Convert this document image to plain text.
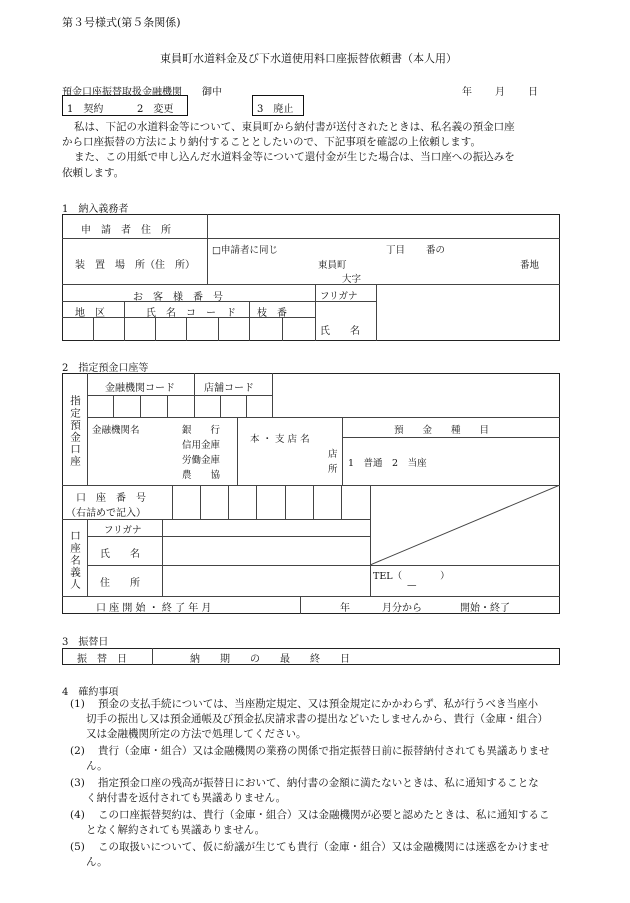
第３号様式(第５条関係)
東員町水道料金及び下水道使用料口座振替依頼書（本人用）
預金口座振替取扱金融機関　　御中	年 月 日
1　契約	2　変更	3　廃止
私は、下記の水道料金等について、東員町から納付書が送付されたときは、私名義の預金口座
から口座振替の方法により納付することとしたいので、下記事項を確認の上依頼します。
また、この用紙で申し込んだ水道料金等について還付金が生じた場合は、当口座への振込みを
依頼します。
1　納入義務者
申　請　者　住　所
装　置　場　所（住　所）
□申請者に同じ	丁目 番の
東員町	番地
大字
お　客　様　番　号	フリガナ
地　区	氏　名　コ　ー　ド 枝　番
氏　　名
2　指定預金口座等
金融機関コード	店舗コード
指定預金口座 金融機関名	銀　　行
信用金庫
労働金庫
農　　協
本 ・ 支 店 名
店
所
預　　金　　種　　目
1　普通　2　当座
口　座　番　号
（右詰めで記入）
口座名義人 フリガナ
氏　　名
住　　所
TEL（　　　　）
—
口 座 開 始 ・ 終 了 年 月	年	月分から	開始・終了
3　振替日
振　替　日	納　　期　　の　　最　　終　　日
4　確約事項
(1) 預金の支払手続については、当座勘定規定、又は預金規定にかかわらず、私が行うべき当座小
切手の振出し又は預金通帳及び預金払戻請求書の提出などいたしませんから、貴行（金庫・組合）
又は金融機関所定の方法で処理してください。
(2) 貴行（金庫・組合）又は金融機関の業務の関係で指定振替日前に振替納付されても異議ありませ
ん。
(3) 指定預金口座の残高が振替日において、納付書の金額に満たないときは、私に通知することな
く納付書を返付されても異議ありません。
(4) この口座振替契約は、貴行（金庫・組合）又は金融機関が必要と認めたときは、私に通知するこ
となく解約されても異議ありません。
(5) この取扱いについて、仮に紛議が生じても貴行（金庫・組合）又は金融機関には迷惑をかけませ
ん。
